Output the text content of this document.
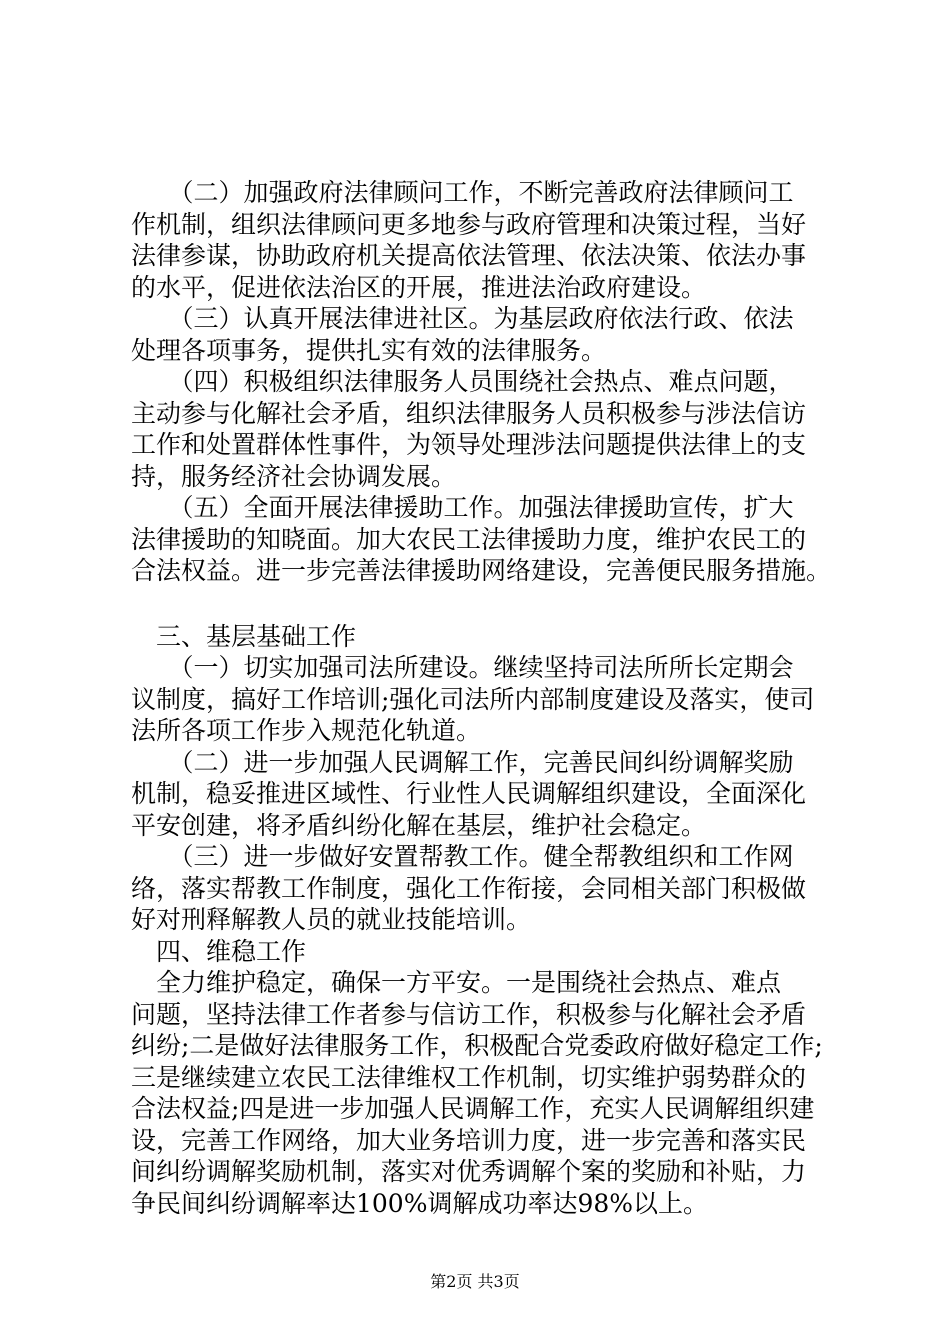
　　（二）加强政府法律顾问工作，不断完善政府法律顾问工
作机制，组织法律顾问更多地参与政府管理和决策过程，当好
法律参谋，协助政府机关提高依法管理、依法决策、依法办事
的水平，促进依法治区的开展，推进法治政府建设。
　　（三）认真开展法律进社区。为基层政府依法行政、依法
处理各项事务，提供扎实有效的法律服务。
　　（四）积极组织法律服务人员围绕社会热点、难点问题，
主动参与化解社会矛盾，组织法律服务人员积极参与涉法信访
工作和处置群体性事件，为领导处理涉法问题提供法律上的支
持，服务经济社会协调发展。
　　（五）全面开展法律援助工作。加强法律援助宣传，扩大
法律援助的知晓面。加大农民工法律援助力度，维护农民工的
合法权益。进一步完善法律援助网络建设，完善便民服务措施。
　三、基层基础工作
　　（一）切实加强司法所建设。继续坚持司法所所长定期会
议制度，搞好工作培训;强化司法所内部制度建设及落实，使司
法所各项工作步入规范化轨道。
　　（二）进一步加强人民调解工作，完善民间纠纷调解奖励
机制，稳妥推进区域性、行业性人民调解组织建设，全面深化
平安创建，将矛盾纠纷化解在基层，维护社会稳定。
　　（三）进一步做好安置帮教工作。健全帮教组织和工作网
络，落实帮教工作制度，强化工作衔接，会同相关部门积极做
好对刑释解教人员的就业技能培训。
　四、维稳工作
　全力维护稳定，确保一方平安。一是围绕社会热点、难点
问题，坚持法律工作者参与信访工作，积极参与化解社会矛盾
纠纷;二是做好法律服务工作，积极配合党委政府做好稳定工作;
三是继续建立农民工法律维权工作机制，切实维护弱势群众的
合法权益;四是进一步加强人民调解工作，充实人民调解组织建
设，完善工作网络，加大业务培训力度，进一步完善和落实民
间纠纷调解奖励机制，落实对优秀调解个案的奖励和补贴，力
第2页 共3页
争民间纠纷调解率达100%调解成功率达98%以上。
